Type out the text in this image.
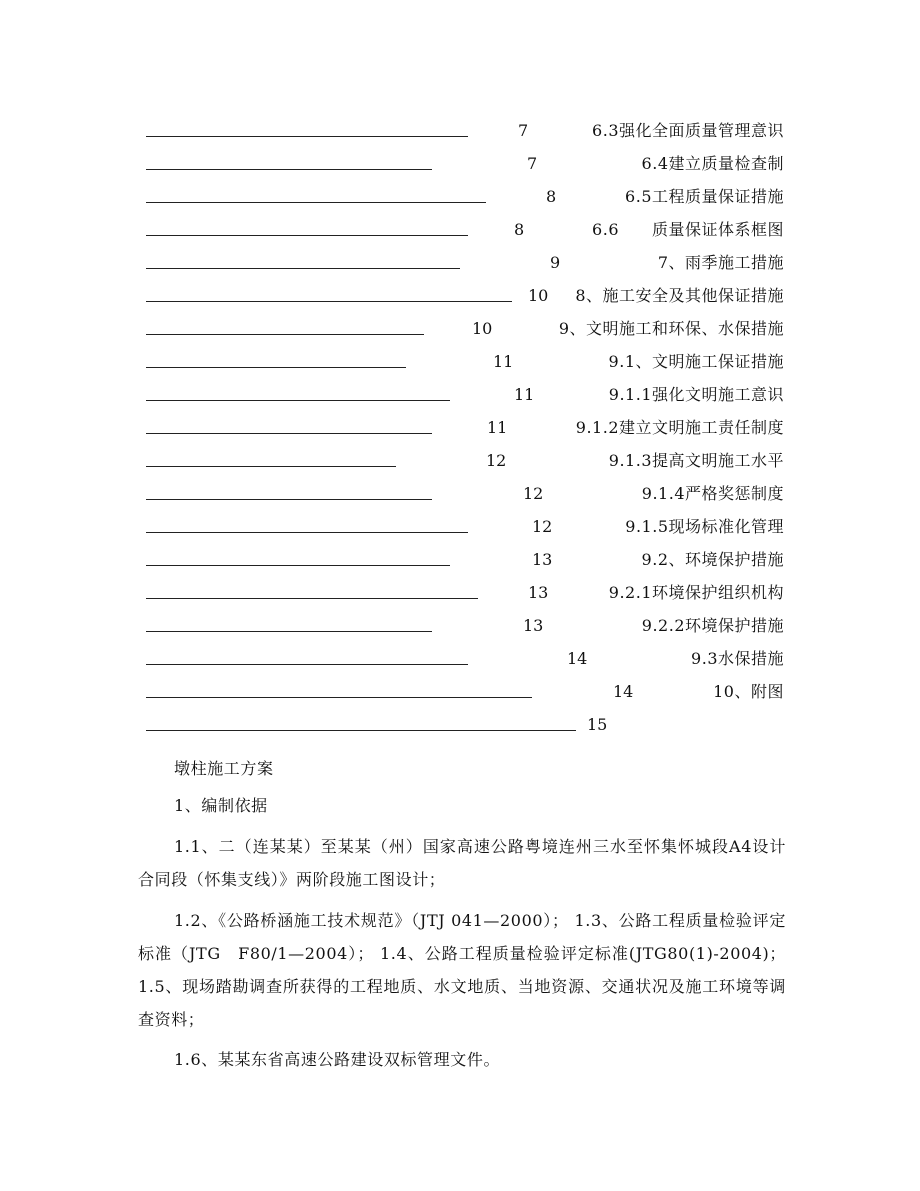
7	6.3强化全面质量管理意识
7	6.4建立质量检查制
8	6.5工程质量保证措施
8	6.6　　质量保证体系框图
9	7、雨季施工措施
10 8、施工安全及其他保证措施
10	9、文明施工和环保、水保措施
11	9.1、文明施工保证措施
11	9.1.1强化文明施工意识
11	9.1.2建立文明施工责任制度
12	9.1.3提高文明施工水平
12	9.1.4严格奖惩制度
12	9.1.5现场标准化管理
13	9.2、环境保护措施
13	9.2.1环境保护组织机构
13	9.2.2环境保护措施
14	9.3水保措施
14	10、附图
15
墩柱施工方案
1、编制依据
1.1、二（连某某）至某某（州）国家高速公路粤境连州三水至怀集怀城段A4设计合同段（怀集支线）》两阶段施工图设计；
1.2、《公路桥涵施工技术规范》（JTJ 041—2000）； 1.3、公路工程质量检验评定标准（JTG　F80/1—2004）； 1.4、公路工程质量检验评定标准(JTG80(1)-2004)； 1.5、现场踏勘调查所获得的工程地质、水文地质、当地资源、交通状况及施工环境等调查资料；
1.6、某某东省高速公路建设双标管理文件。
